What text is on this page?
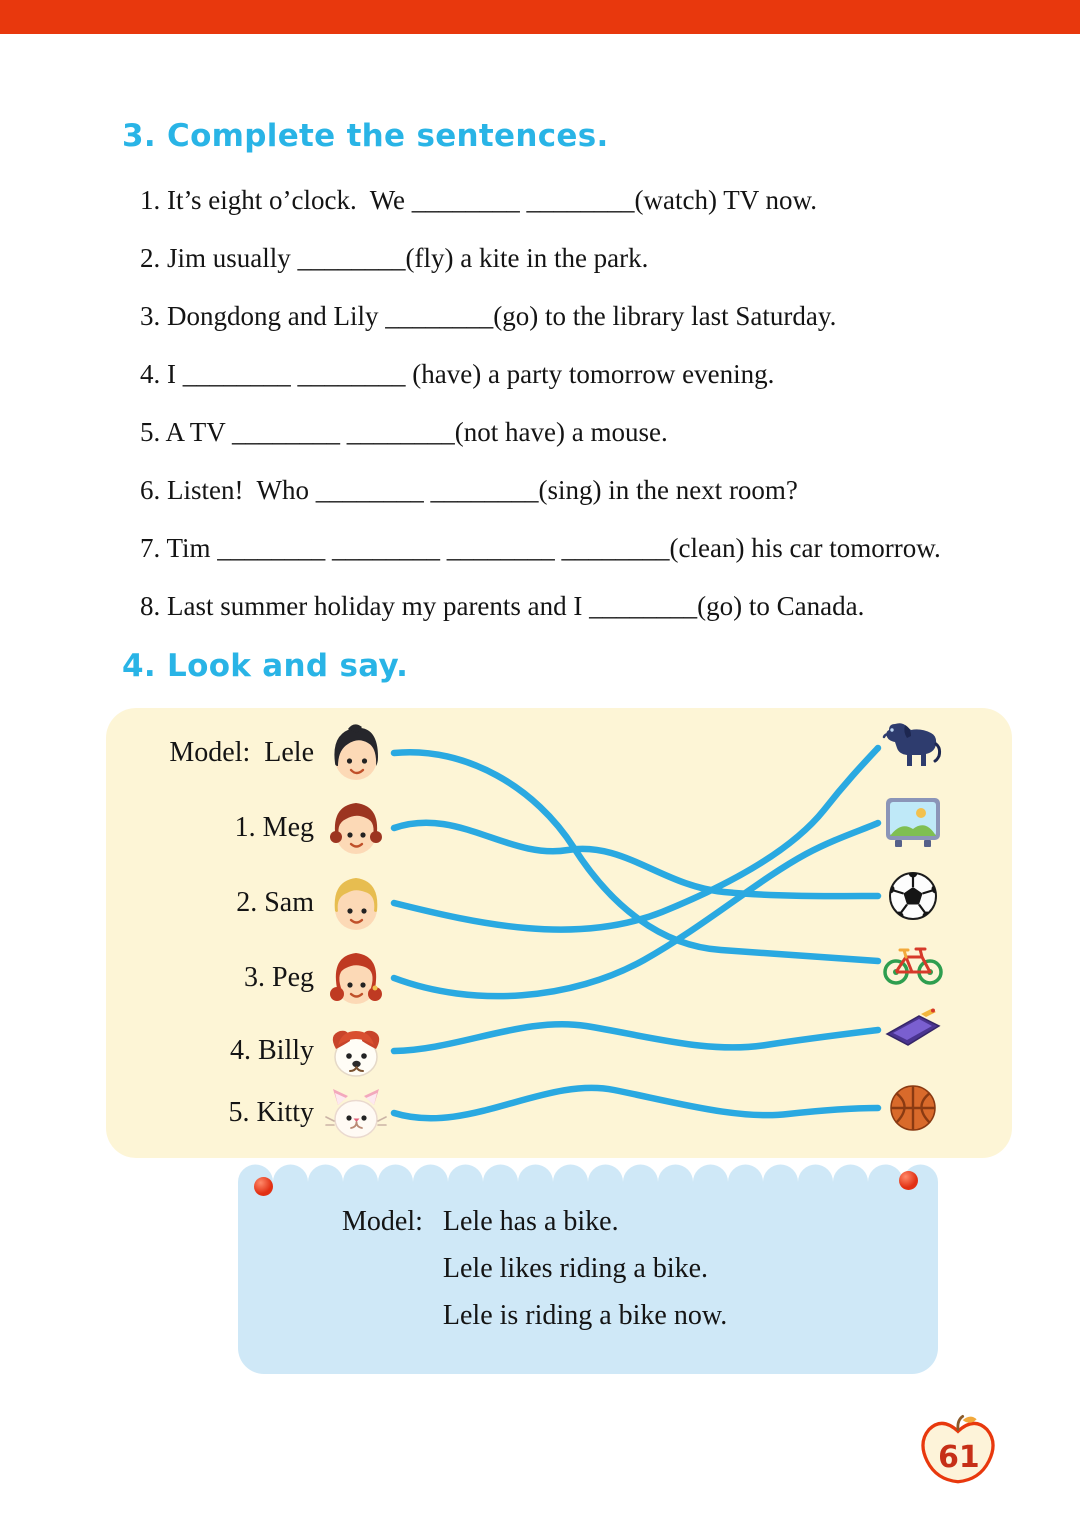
3. Complete the sentences.
1. It’s eight o’clock.  We ________ ________(watch) TV now.
2. Jim usually ________(fly) a kite in the park.
3. Dongdong and Lily ________(go) to the library last Saturday.
4. I ________ ________ (have) a party tomorrow evening.
5. A TV ________ ________(not have) a mouse.
6. Listen!  Who ________ ________(sing) in the next room?
7. Tim ________ ________ ________ ________(clean) his car tomorrow.
8. Last summer holiday my parents and I ________(go) to Canada.
4. Look and say.
Model:  Lele
1. Meg
2. Sam
3. Peg
4. Billy
5. Kitty
Model: Lele has a bike.
Lele likes riding a bike.
Lele is riding a bike now.
61
